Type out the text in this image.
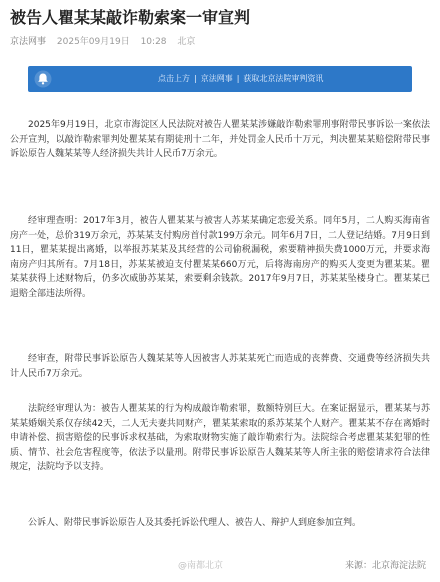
被告人瞿某某敲诈勒索案一审宣判
京法网事 2025年09月19日 10:28 北京
点击上方 | 京法网事 | 获取北京法院审判资讯
2025年9月19日，北京市海淀区人民法院对被告人瞿某某涉嫌敲诈勒索罪刑事附带民事诉讼一案依法公开宣判，以敲诈勒索罪判处瞿某某有期徒刑十二年，并处罚金人民币十万元，判决瞿某某赔偿附带民事诉讼原告人魏某某等人经济损失共计人民币7万余元。
经审理查明：2017年3月，被告人瞿某某与被害人苏某某确定恋爱关系。同年5月，二人购买海南省房产一处，总价319万余元，苏某某支付购房首付款199万余元。同年6月7日，二人登记结婚。7月9日到11日，瞿某某提出离婚，以举报苏某某及其经营的公司偷税漏税，索要精神损失费1000万元，并要求海南房产归其所有。7月18日，苏某某被迫支付瞿某某660万元，后将海南房产的购买人变更为瞿某某。瞿某某获得上述财物后，仍多次威胁苏某某，索要剩余钱款。2017年9月7日，苏某某坠楼身亡。瞿某某已退赔全部违法所得。
经审查，附带民事诉讼原告人魏某某等人因被害人苏某某死亡而造成的丧葬费、交通费等经济损失共计人民币7万余元。
法院经审理认为：被告人瞿某某的行为构成敲诈勒索罪，数额特别巨大。在案证据显示，瞿某某与苏某某婚姻关系仅存续42天，二人无夫妻共同财产，瞿某某索取的系苏某某个人财产。瞿某某不存在离婚时申请补偿、损害赔偿的民事诉求权基础，为索取财物实施了敲诈勒索行为。法院综合考虑瞿某某犯罪的性质、情节、社会危害程度等，依法予以量刑。附带民事诉讼原告人魏某某等人所主张的赔偿请求符合法律规定，法院均予以支持。
公诉人、附带民事诉讼原告人及其委托诉讼代理人、被告人、辩护人到庭参加宣判。
@南都北京	来源：北京海淀法院
